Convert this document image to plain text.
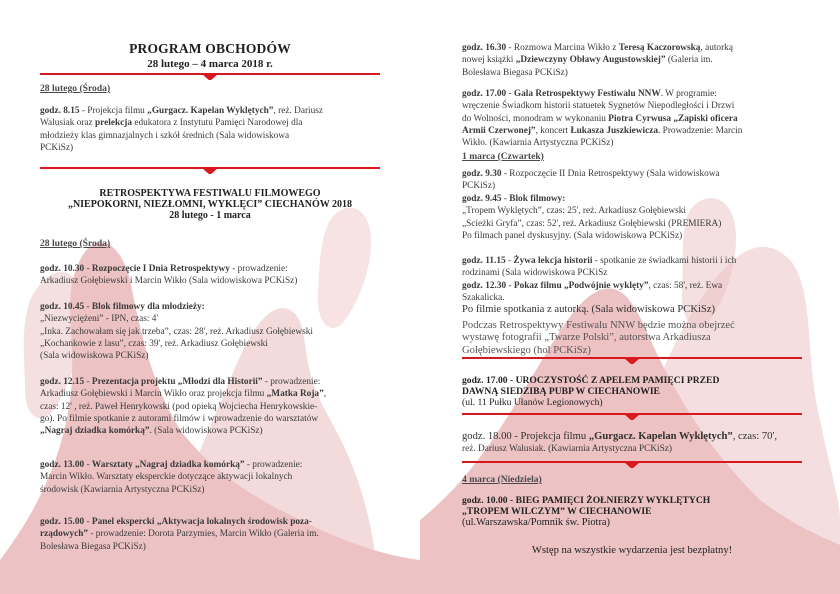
PROGRAM OBCHODÓW
28 lutego – 4 marca 2018 r.
28 lutego (Środa)

godz. 8.15 - Projekcja filmu „Gurgacz. Kapelan Wyklętych”, reż. Dariusz
Walusiak oraz prelekcja edukatora z Instytutu Pamięci Narodowej dla
młodzieży klas gimnazjalnych i szkół średnich (Sala widowiskowa
PCKiSz)

RETROSPEKTYWA FESTIWALU FILMOWEGO
„NIEPOKORNI, NIEZŁOMNI, WYKLĘCI” CIECHANÓW 2018
28 lutego - 1 marca

28 lutego (Środa)

godz. 10.30 - Rozpoczęcie I Dnia Retrospektywy - prowadzenie:
Arkadiusz Gołębiewski i Marcin Wikło (Sala widowiskowa PCKiSz)

godz. 10.45 - Blok filmowy dla młodzieży:
„Niezwyciężeni” - IPN, czas: 4'
„Inka. Zachowałam się jak trzeba”, czas: 28', reż. Arkadiusz Gołębiewski
„Kochankowie z lasu”, czas: 39', reż. Arkadiusz Gołębiewski
(Sala widowiskowa PCKiSz)

godz. 12.15 - Prezentacja projektu „Młodzi dla Historii” - prowadzenie:
Arkadiusz Gołębiewski i Marcin Wikło oraz projekcja filmu „Matka Roja”,
czas: 12' , reż. Paweł Henrykowski (pod opieką Wojciecha Henrykowskie-
go). Po filmie spotkanie z autorami filmów i wprowadzenie do warsztatów
„Nagraj dziadka komórką”. (Sala widowiskowa PCKiSz)

godz. 13.00 - Warsztaty „Nagraj dziadka komórką” - prowadzenie:
Marcin Wikło. Warsztaty eksperckie dotyczące aktywacji lokalnych
środowisk (Kawiarnia Artystyczna PCKiSz)

godz. 15.00 - Panel ekspercki „Aktywacja lokalnych środowisk poza-
rządowych” - prowadzenie: Dorota Parzymies, Marcin Wikło (Galeria im.
Bolesława Biegasa PCKiSz)

godz. 16.30 - Rozmowa Marcina Wikło z Teresą Kaczorowską, autorką
nowej książki „Dziewczyny Obławy Augustowskiej” (Galeria im.
Bolesława Biegasa PCKiSz)

godz. 17.00 - Gala Retrospektywy Festiwalu NNW. W programie:
wręczenie Świadkom historii statuetek Sygnetów Niepodległości i Drzwi
do Wolności, monodram w wykonaniu Piotra Cyrwusa „Zapiski oficera
Armii Czerwonej”, koncert Łukasza Juszkiewicza. Prowadzenie: Marcin
Wikło. (Kawiarnia Artystyczna PCKiSz)

1 marca (Czwartek)

godz. 9.30 - Rozpoczęcie II Dnia Retrospektywy (Sala widowiskowa
PCKiSz)

godz. 9.45 - Blok filmowy:
„Tropem Wyklętych”, czas: 25', reż. Arkadiusz Gołębiewski
„Scieżki Gryfa”, czas: 52', reż. Arkadiusz Gołębiewski (PREMIERA)
Po filmach panel dyskusyjny. (Sala widowiskowa PCKiSz)

godz. 11.15 - Żywa lekcja historii - spotkanie ze świadkami historii i ich
rodzinami (Sala widowiskowa PCKiSz
godz. 12.30 - Pokaz filmu „Podwójnie wyklęty”, czas: 58', reż. Ewa
Szakalicka.

Po filmie spotkania z autorką. (Sala widowiskowa PCKiSz)

Podczas Retrospektywy Festiwalu NNW będzie można obejrzeć
wystawę fotografii „Twarze Polski”, autorstwa Arkadiusza
Gołębiewskiego (hol PCKiSz)

godz. 17.00 - UROCZYSTOŚĆ Z APELEM PAMIĘCI PRZED
DAWNĄ SIEDZIBĄ PUBP W CIECHANOWIE
(ul. 11 Pułku Ułanów Legionowych)

godz. 18.00 - Projekcja filmu „Gurgacz. Kapelan Wyklętych”, czas: 70',

reż. Dariusz Walusiak. (Kawiarnia Artystyczna PCKiSz)

4 marca (Niedziela)

godz. 10.00 - BIEG PAMIĘCI ŻOŁNIERZY WYKLĘTYCH
„TROPEM WILCZYM” W CIECHANOWIE
(ul.Warszawska/Pomnik św. Piotra)

Wstęp na wszystkie wydarzenia jest bezpłatny!
